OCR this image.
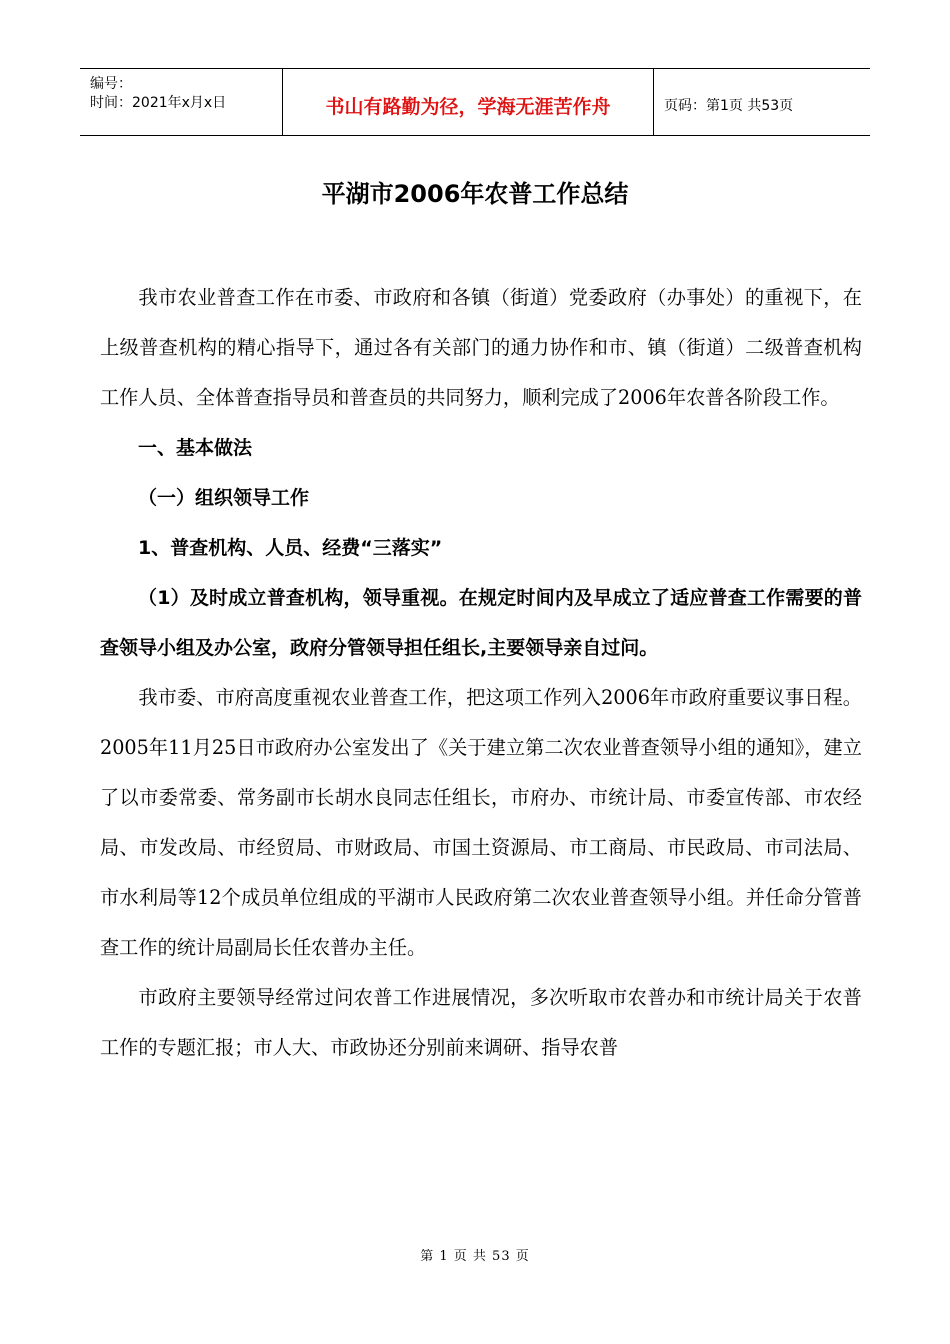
编号：
时间：2021年x月x日	书山有路勤为径，学海无涯苦作舟	页码：第1页 共53页
平湖市2006年农普工作总结

我市农业普查工作在市委、市政府和各镇（街道）党委政府（办事处）的重视下，在上级普查机构的精心指导下，通过各有关部门的通力协作和市、镇（街道）二级普查机构工作人员、全体普查指导员和普查员的共同努力，顺利完成了2006年农普各阶段工作。

一、基本做法

（一）组织领导工作

1、普查机构、人员、经费“三落实”

（1）及时成立普查机构，领导重视。在规定时间内及早成立了适应普查工作需要的普查领导小组及办公室，政府分管领导担任组长,主要领导亲自过问。

我市委、市府高度重视农业普查工作，把这项工作列入2006年市政府重要议事日程。2005年11月25日市政府办公室发出了《关于建立第二次农业普查领导小组的通知》，建立了以市委常委、常务副市长胡水良同志任组长，市府办、市统计局、市委宣传部、市农经局、市发改局、市经贸局、市财政局、市国土资源局、市工商局、市民政局、市司法局、市水利局等12个成员单位组成的平湖市人民政府第二次农业普查领导小组。并任命分管普查工作的统计局副局长任农普办主任。

市政府主要领导经常过问农普工作进展情况，多次听取市农普办和市统计局关于农普工作的专题汇报；市人大、市政协还分别前来调研、指导农普

第 1 页 共 53 页
